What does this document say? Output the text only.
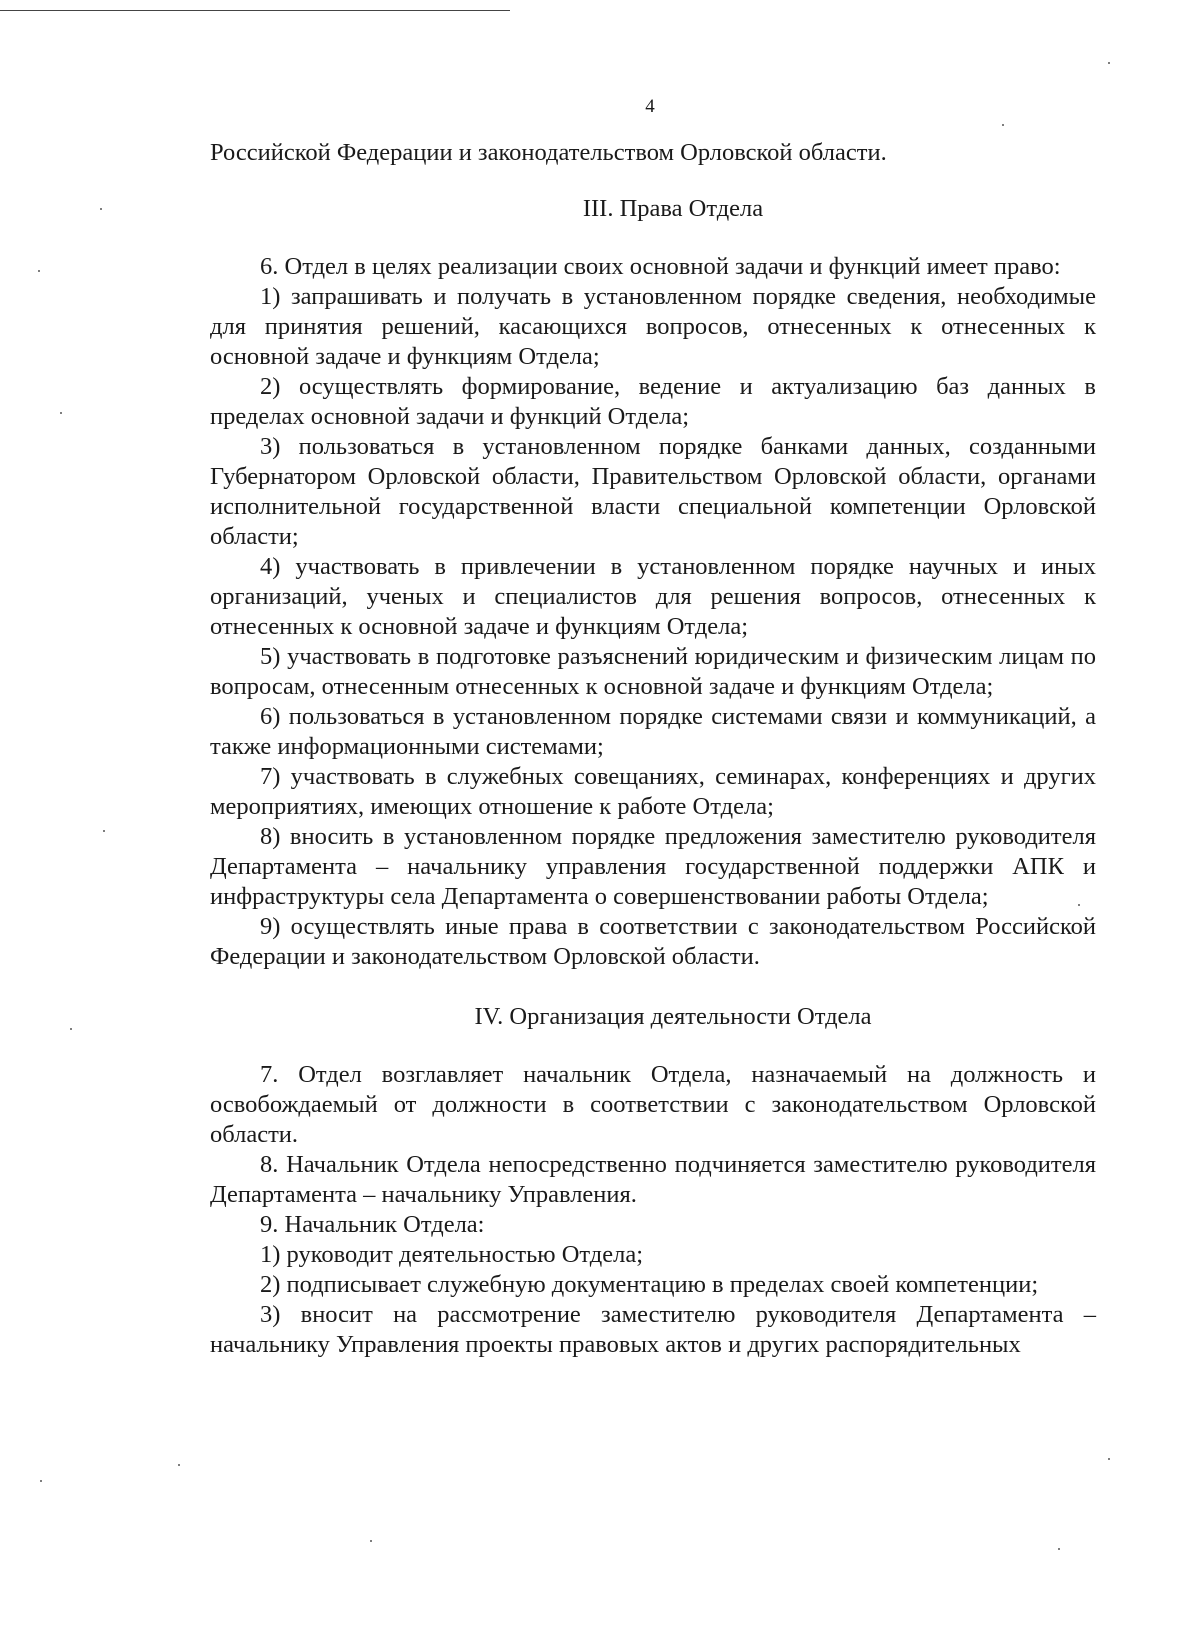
4

Российской Федерации и законодательством Орловской области.

III. Права Отдела

6. Отдел в целях реализации своих основной задачи и функций имеет право:

1) запрашивать и получать в установленном порядке сведения, необходимые для принятия решений, касающихся вопросов, отнесенных к отнесенных к основной задаче и функциям Отдела;

2) осуществлять формирование, ведение и актуализацию баз данных в пределах основной задачи и функций Отдела;

3) пользоваться в установленном порядке банками данных, созданными Губернатором Орловской области, Правительством Орловской области, органами исполнительной государственной власти специальной компетенции Орловской области;

4) участвовать в привлечении в установленном порядке научных и иных организаций, ученых и специалистов для решения вопросов, отнесенных к отнесенных к основной задаче и функциям Отдела;

5) участвовать в подготовке разъяснений юридическим и физическим лицам по вопросам, отнесенным отнесенных к основной задаче и функциям Отдела;

6) пользоваться в установленном порядке системами связи и коммуникаций, а также информационными системами;

7) участвовать в служебных совещаниях, семинарах, конференциях и других мероприятиях, имеющих отношение к работе Отдела;

8) вносить в установленном порядке предложения заместителю руководителя Департамента – начальнику управления государственной поддержки АПК и инфраструктуры села Департамента о совершенствовании работы Отдела;

9) осуществлять иные права в соответствии с законодательством Российской Федерации и законодательством Орловской области.

IV. Организация деятельности Отдела

7. Отдел возглавляет начальник Отдела, назначаемый на должность и освобождаемый от должности в соответствии с законодательством Орловской области.

8. Начальник Отдела непосредственно подчиняется заместителю руководителя Департамента – начальнику Управления.

9. Начальник Отдела:

1) руководит деятельностью Отдела;

2) подписывает служебную документацию в пределах своей компетенции;

3) вносит на рассмотрение заместителю руководителя Департамента – начальнику Управления проекты правовых актов и других распорядительных
